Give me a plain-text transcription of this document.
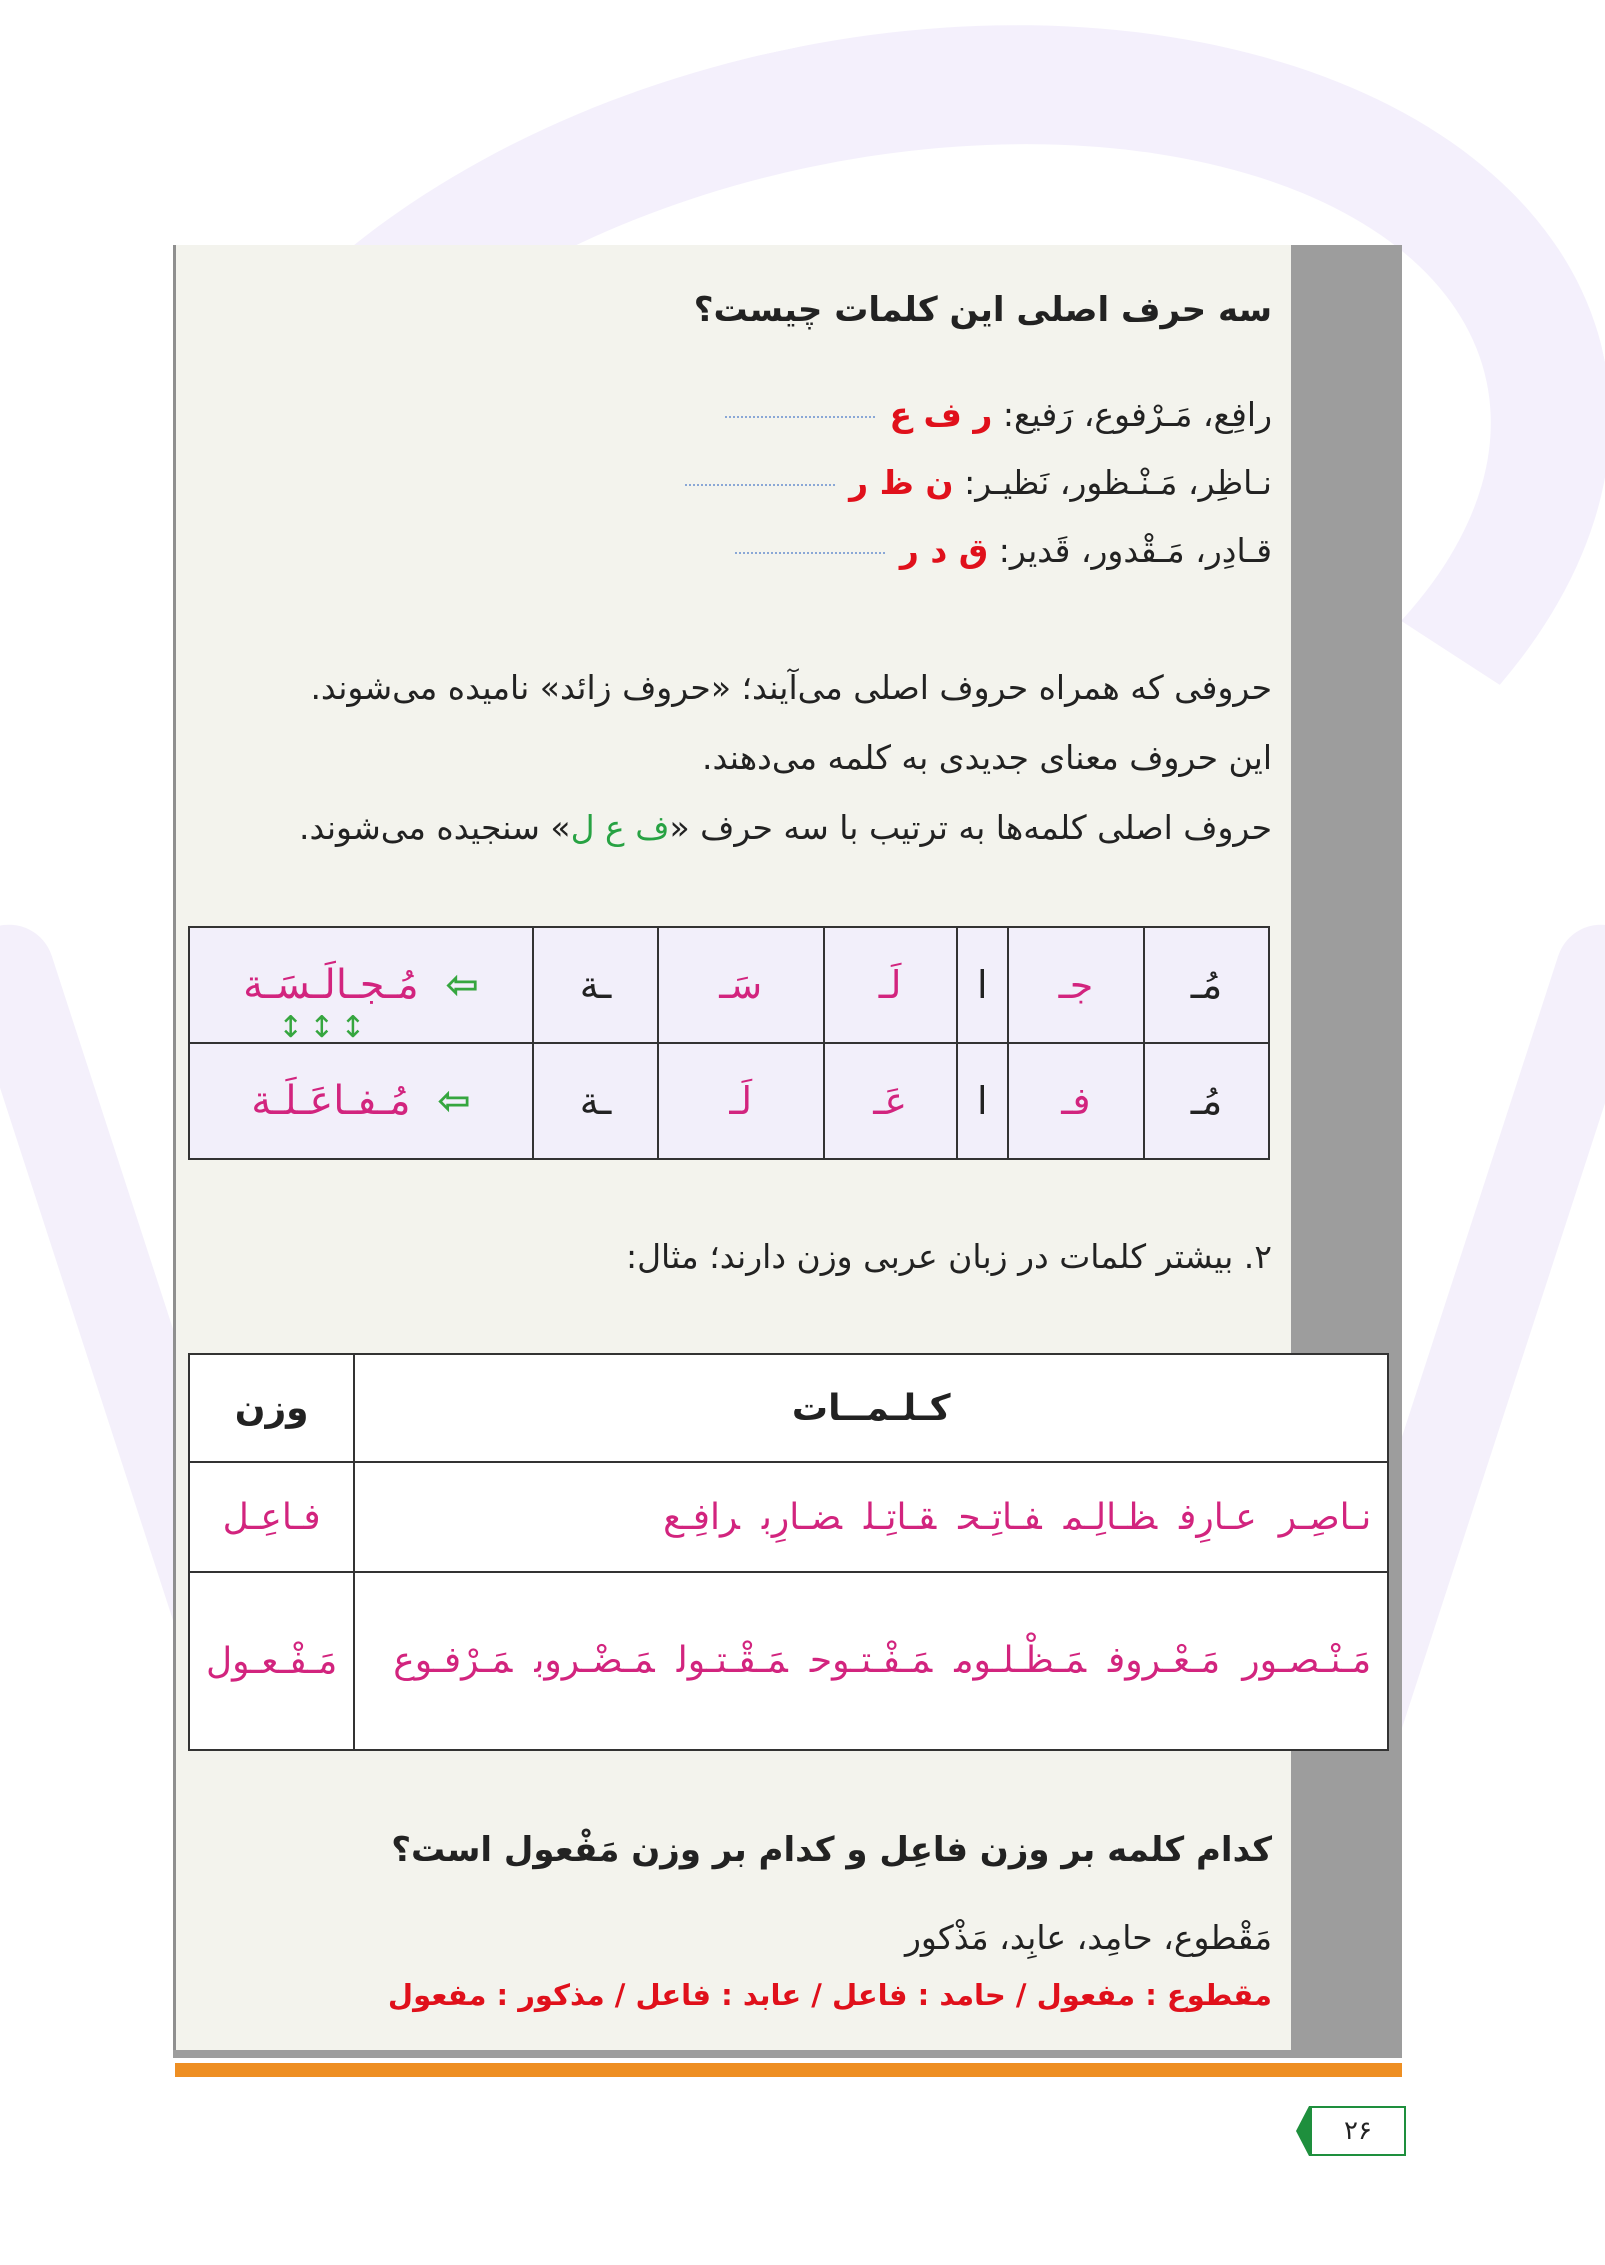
سه حرف اصلی این کلمات چیست؟
رافِع، مَـرْفوع، رَفیع: ر ف ع
نـاظِر، مَـنْـظور، نَظیـر: ن ظ ر
قـادِر، مَـقْدور، قَدیر: ق د ر
حروفی که همراه حروف اصلی می‌آیند؛ «حروف زائد» نامیده می‌شوند.
این حروف معنای جدیدی به کلمه می‌دهند.
حروف اصلی کلمه‌ها به ترتیب با سه حرف «ف ع ل» سنجیده می‌شوند.
مُـجـالَـسَـة ⇦	ـة	سَـ	لَـ	ا	جـ	مُـ
مُـفـاعَـلَـة ⇦	ـة	لَـ	عَـ	ا	فـ	مُـ
↕↕↕
۲. بیشتر کلمات در زبان عربی وزن دارند؛ مثال:
کـلـمــات	وزن
نـاصِـرعـارِفظـالِـمفـاتِـحقـاتِـلضـارِبرافِـع	فـاعِـل
مَـنْـصـورمَـعْـروفمَـظْـلـوممَـفْـتـوحمَـقْـتـولمَـضْـروبمَـرْفـوع	مَـفْـعـول
کدام کلمه بر وزن فاعِل و کدام بر وزن مَفْعول است؟
مَقْطوع، حامِد، عابِد، مَذْکور
مقطوع : مفعول / حامد : فاعل / عابد : فاعل / مذکور : مفعول
۲۶
